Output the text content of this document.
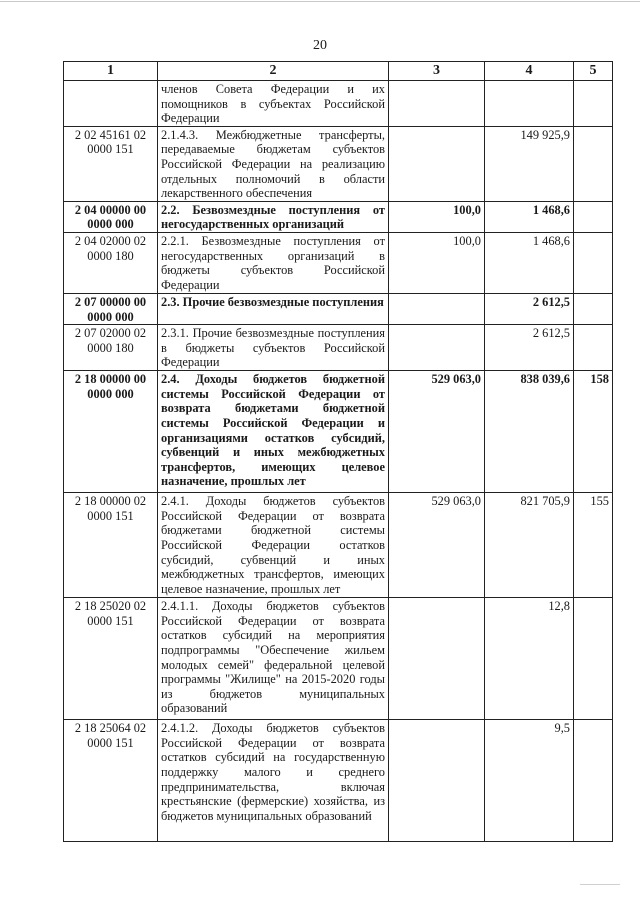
20
1	2	3	4	5
	членов Совета Федерации и их помощников в субъектах Российской Федерации			
2 02 45161 02 0000 151	2.1.4.3. Межбюджетные трансферты, передаваемые бюджетам субъектов Российской Федерации на реализацию отдельных полномочий в области лекарственного обеспечения		149 925,9	
2 04 00000 00 0000 000	2.2. Безвозмездные поступления от негосударственных организаций	100,0	1 468,6	
2 04 02000 02 0000 180	2.2.1. Безвозмездные поступления от негосударственных организаций в бюджеты субъектов Российской Федерации	100,0	1 468,6	
2 07 00000 00 0000 000	2.3. Прочие безвозмездные поступления		2 612,5	
2 07 02000 02 0000 180	2.3.1. Прочие безвозмездные поступления в бюджеты субъектов Российской Федерации		2 612,5	
2 18 00000 00 0000 000	2.4. Доходы бюджетов бюджетной системы Российской Федерации от возврата бюджетами бюджетной системы Российской Федерации и организациями остатков субсидий, субвенций и иных межбюджетных трансфертов, имеющих целевое назначение, прошлых лет	529 063,0	838 039,6	158
2 18 00000 02 0000 151	2.4.1. Доходы бюджетов субъектов Российской Федерации от возврата бюджетами бюджетной системы Российской Федерации остатков субсидий, субвенций и иных межбюджетных трансфертов, имеющих целевое назначение, прошлых лет	529 063,0	821 705,9	155
2 18 25020 02 0000 151	2.4.1.1. Доходы бюджетов субъектов Российской Федерации от возврата остатков субсидий на мероприятия подпрограммы "Обеспечение жильем молодых семей" федеральной целевой программы "Жилище" на 2015-2020 годы из бюджетов муниципальных образований		12,8	
2 18 25064 02 0000 151	2.4.1.2. Доходы бюджетов субъектов Российской Федерации от возврата остатков субсидий на государственную поддержку малого и среднего предпринимательства, включая крестьянские (фермерские) хозяйства, из бюджетов муниципальных образований		9,5	
